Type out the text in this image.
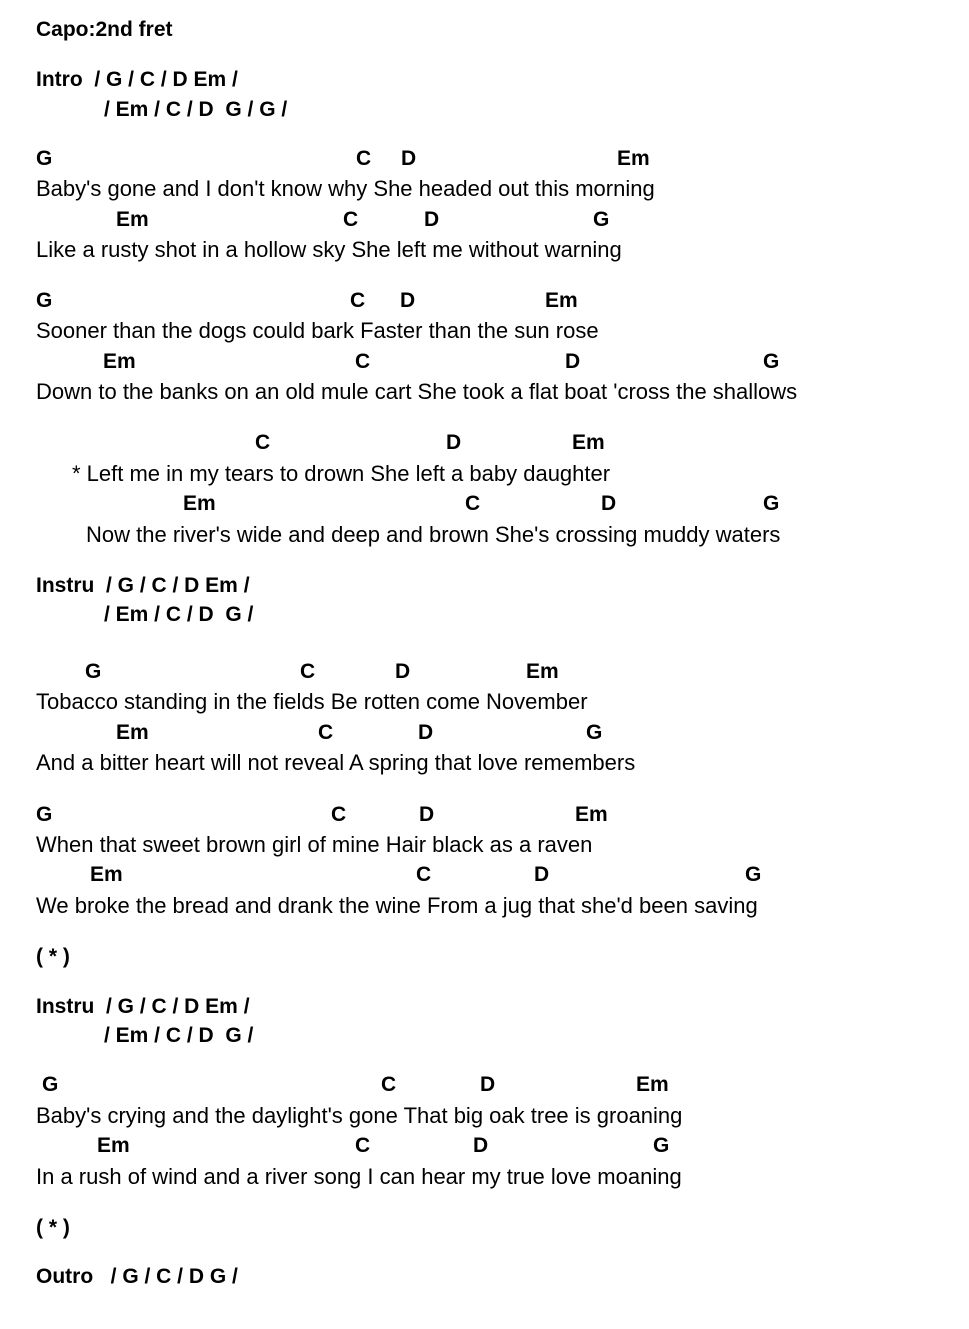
Capo:2nd fret
Intro  / G / C / D Em /
/ Em / C / D  G / G /
G	C D	Em
Baby's gone and I don't know why She headed out this morning
Em	C	D	G
Like a rusty shot in a hollow sky She left me without warning
G	C D	Em
Sooner than the dogs could bark Faster than the sun rose
Em	C	D	G
Down to the banks on an old mule cart She took a flat boat 'cross the shallows
C	D	Em
* Left me in my tears to drown She left a baby daughter
Em	C	D	G
Now the river's wide and deep and brown She's crossing muddy waters
Instru  / G / C / D Em /
/ Em / C / D  G /
G	C	D	Em
Tobacco standing in the fields Be rotten come November
Em	C	D	G
And a bitter heart will not reveal A spring that love remembers
G	C	D	Em
When that sweet brown girl of mine Hair black as a raven
Em	C	D	G
We broke the bread and drank the wine From a jug that she'd been saving
( * )
Instru  / G / C / D Em /
/ Em / C / D  G /
G	C	D	Em
Baby's crying and the daylight's gone That big oak tree is groaning
Em	C	D	G
In a rush of wind and a river song I can hear my true love moaning
( * )
Outro   / G / C / D G /
